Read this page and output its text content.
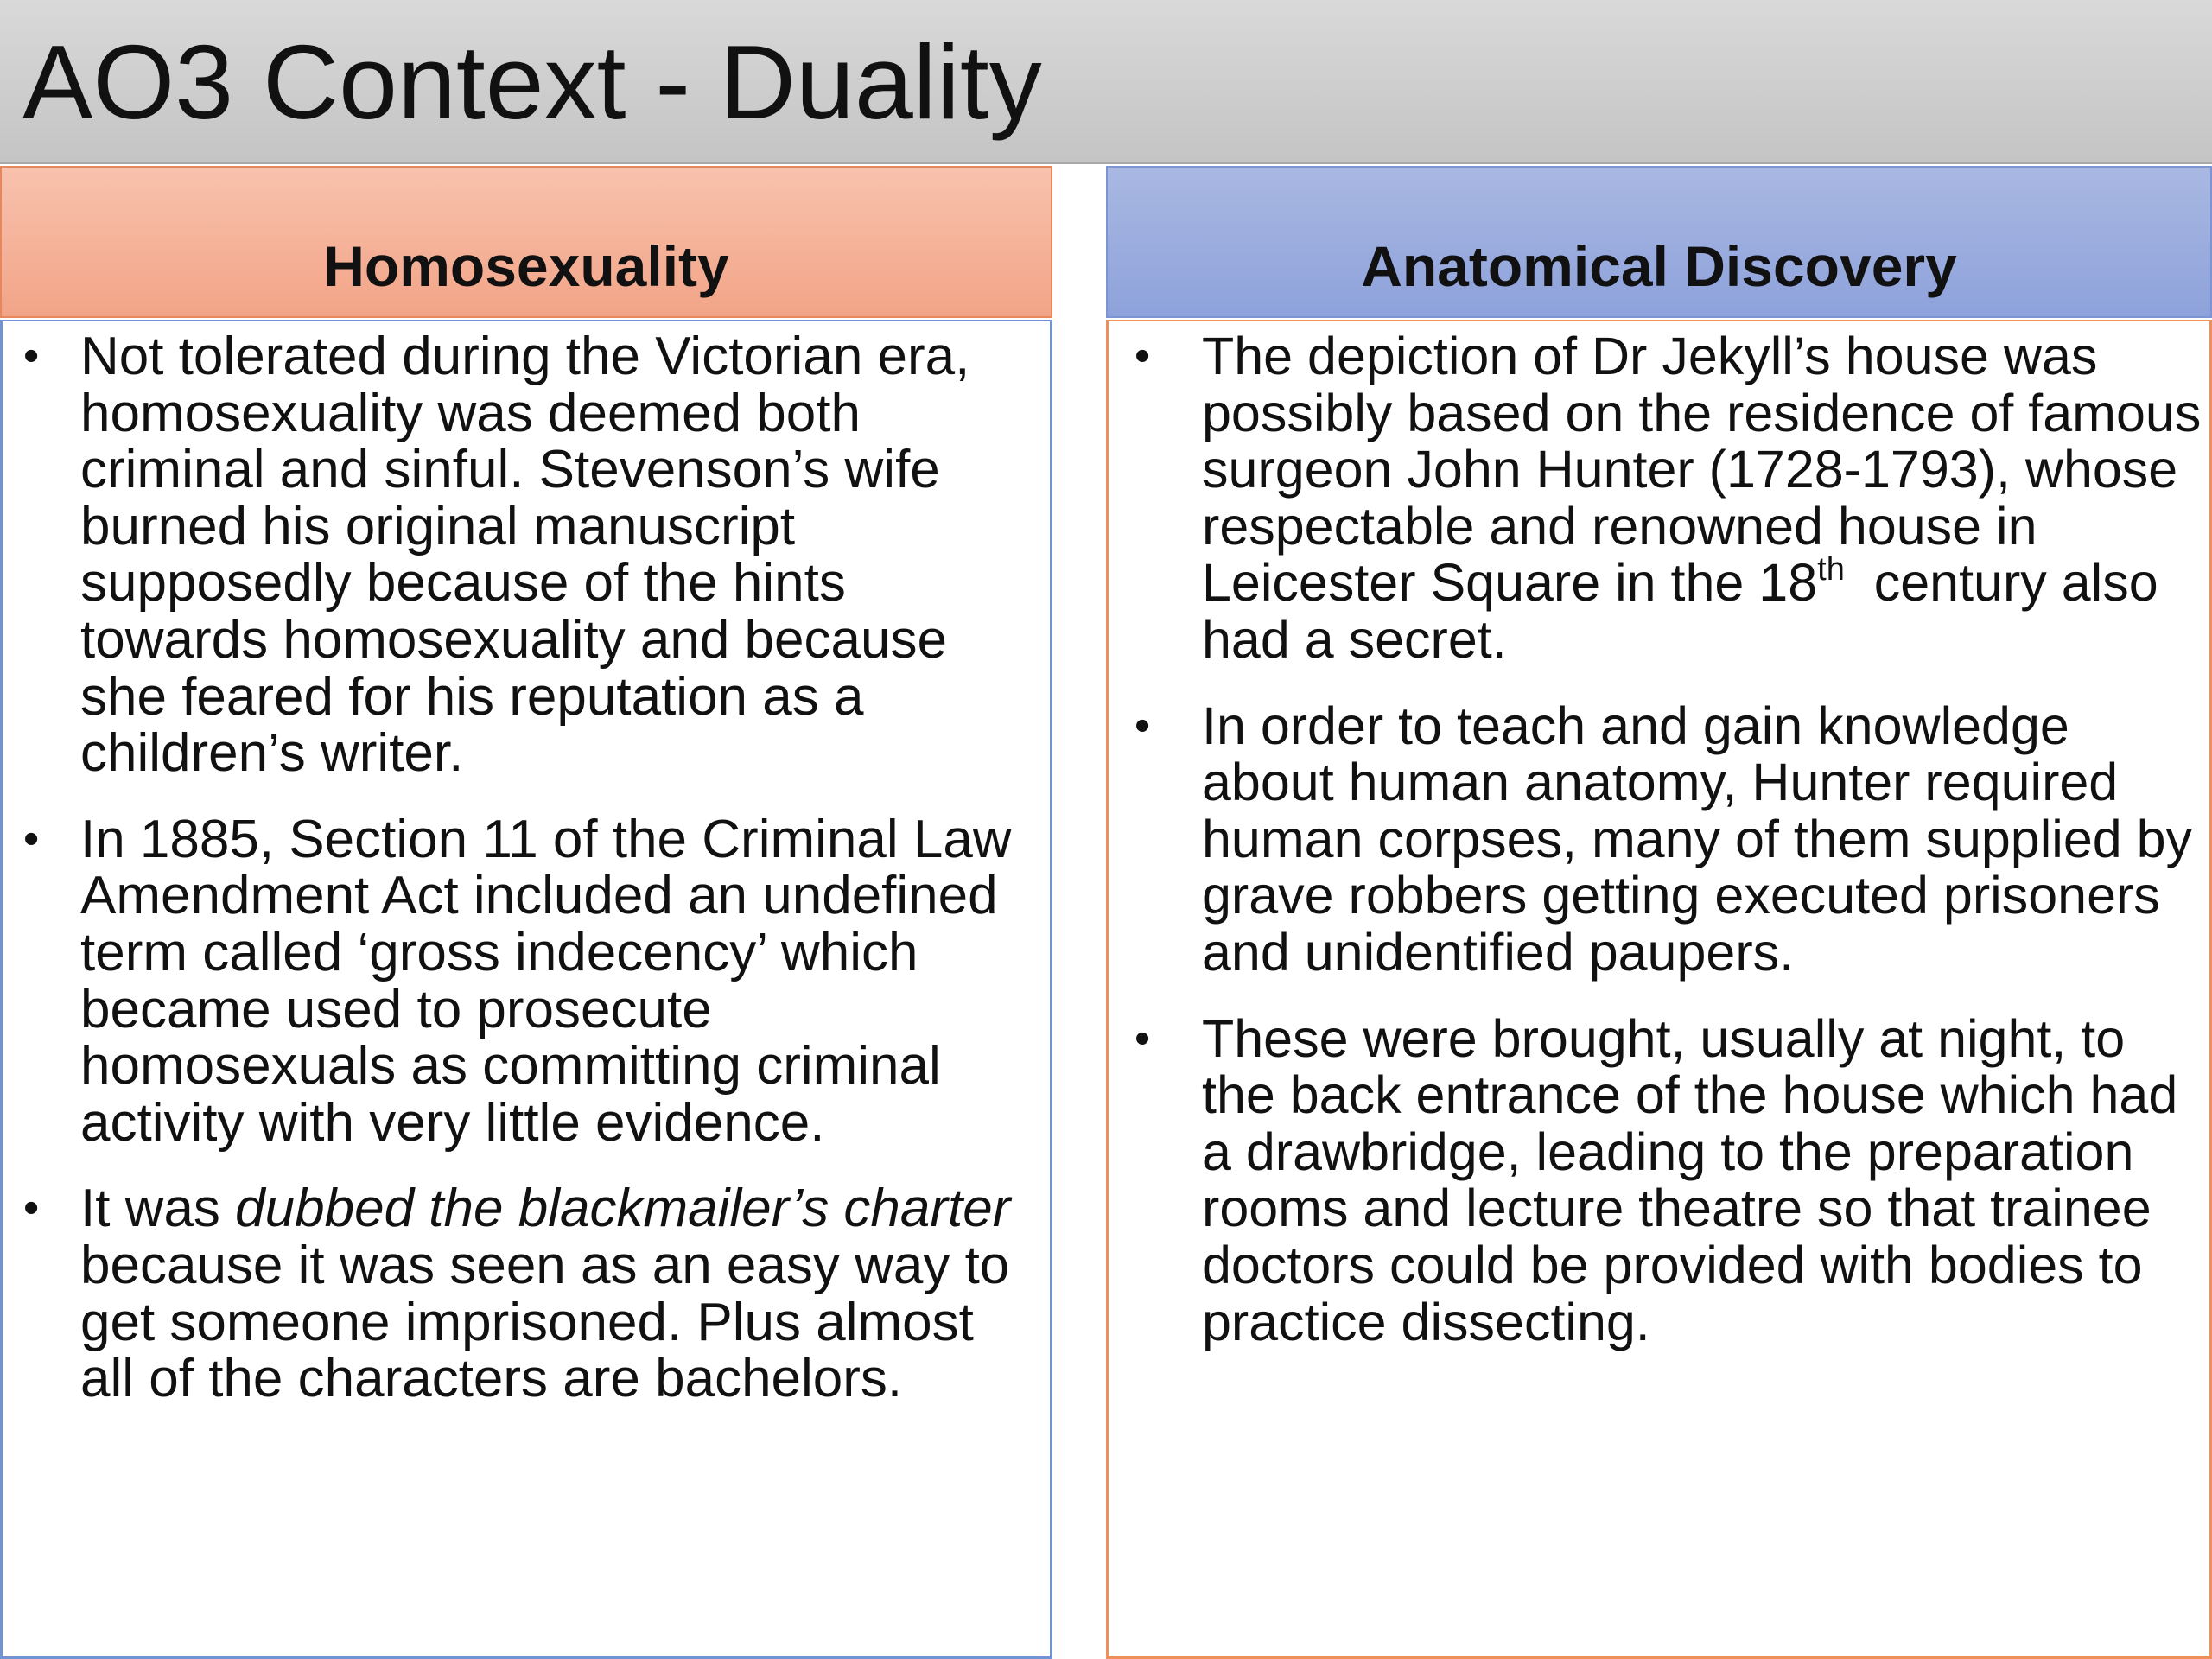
AO3 Context - Duality
Homosexuality	Anatomical Discovery
• Not tolerated during the Victorian era, homosexuality was deemed both criminal and sinful. Stevenson’s wife burned his original manuscript supposedly because of the hints towards homosexuality and because she feared for his reputation as a children’s writer.
• In 1885, Section 11 of the Criminal Law Amendment Act included an undefined term called ‘gross indecency’ which became used to prosecute homosexuals as committing criminal activity with very little evidence.
• It was dubbed the blackmailer’s charter because it was seen as an easy way to get someone imprisoned. Plus almost all of the characters are bachelors.
• The depiction of Dr Jekyll’s house was possibly based on the residence of famous surgeon John Hunter (1728-1793), whose respectable and renowned house in Leicester Square in the 18th  century also had a secret.
• In order to teach and gain knowledge about human anatomy, Hunter required human corpses, many of them supplied by grave robbers getting executed prisoners and unidentified paupers.
• These were brought, usually at night, to the back entrance of the house which had a drawbridge, leading to the preparation rooms and lecture theatre so that trainee doctors could be provided with bodies to practice dissecting.
